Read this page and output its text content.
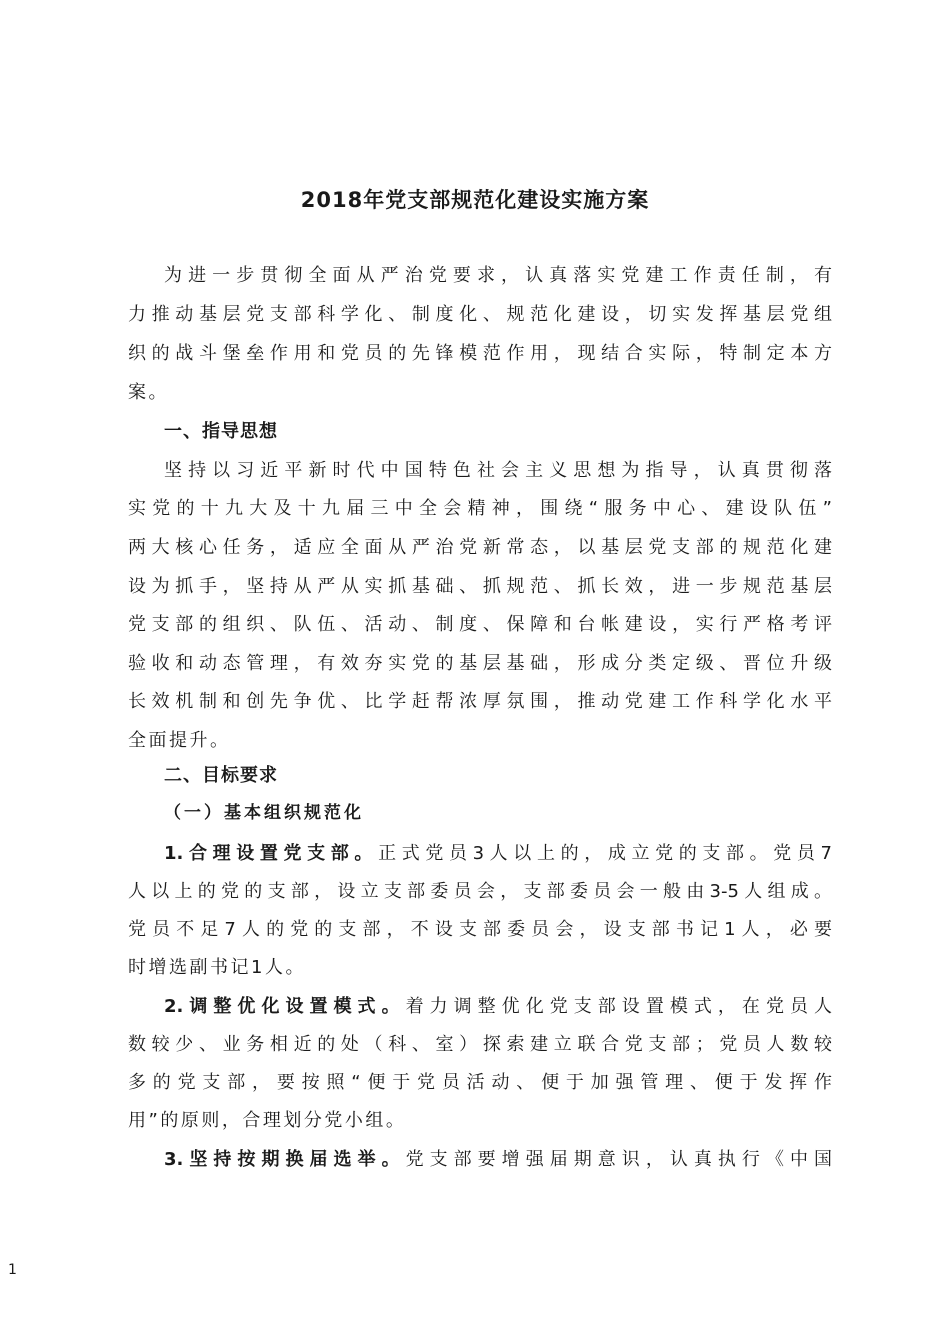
2018年党支部规范化建设实施方案
为进一步贯彻全面从严治党要求，认真落实党建工作责任制，有
力推动基层党支部科学化、制度化、规范化建设，切实发挥基层党组
织的战斗堡垒作用和党员的先锋模范作用，现结合实际，特制定本方
案。
一、指导思想
坚持以习近平新时代中国特色社会主义思想为指导，认真贯彻落
实党的十九大及十九届三中全会精神，围绕“服务中心、建设队伍”
两大核心任务，适应全面从严治党新常态，以基层党支部的规范化建
设为抓手，坚持从严从实抓基础、抓规范、抓长效，进一步规范基层
党支部的组织、队伍、活动、制度、保障和台帐建设，实行严格考评
验收和动态管理，有效夯实党的基层基础，形成分类定级、晋位升级
长效机制和创先争优、比学赶帮浓厚氛围，推动党建工作科学化水平
全面提升。
二、目标要求
（一）基本组织规范化
1.合理设置党支部。正式党员3人以上的，成立党的支部。党员7
人以上的党的支部，设立支部委员会，支部委员会一般由3-5人组成。
党员不足7人的党的支部，不设支部委员会，设支部书记1人，必要
时增选副书记1人。
2.调整优化设置模式。着力调整优化党支部设置模式，在党员人
数较少、业务相近的处（科、室）探索建立联合党支部；党员人数较
多的党支部，要按照“便于党员活动、便于加强管理、便于发挥作
用”的原则，合理划分党小组。
3.坚持按期换届选举。党支部要增强届期意识，认真执行《中国
1
